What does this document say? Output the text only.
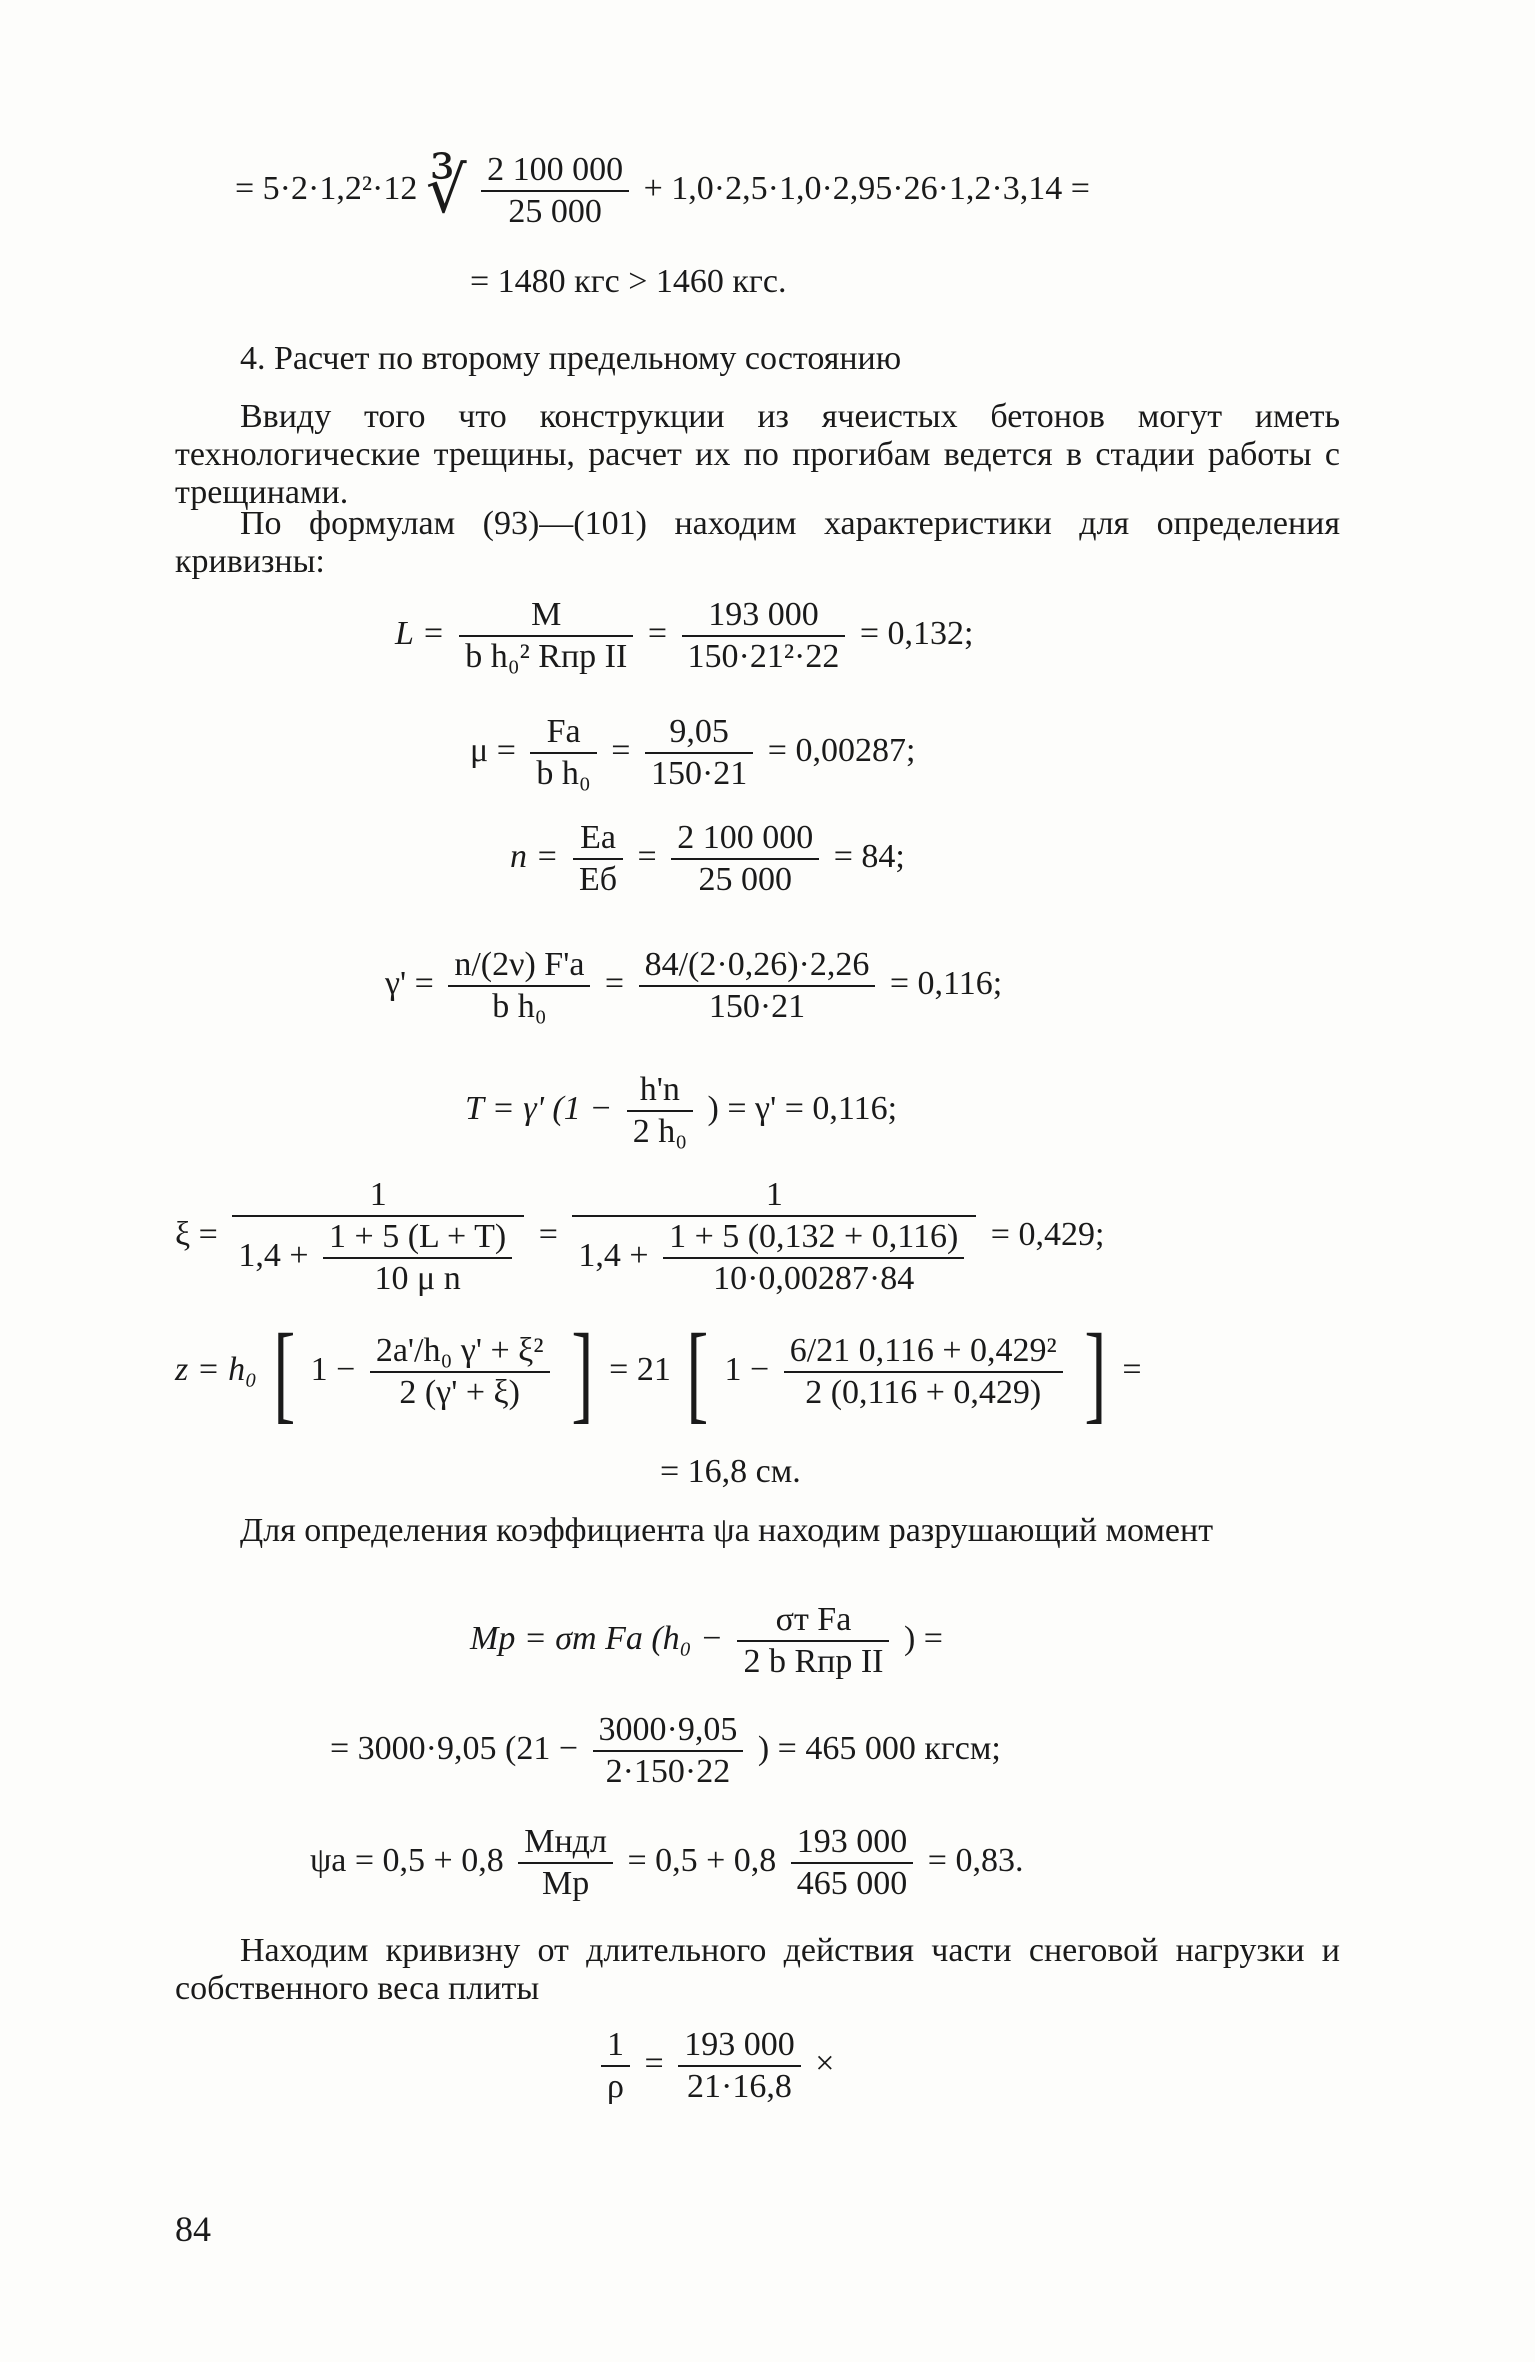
= 5·2·1,2²·12 ∛ $\frac{2 100 000}{25 000} + 1,0\cdot 2,5\cdot 1,0\cdot 2,95\cdot 26\cdot 1,2\cdot 3,14$ =
= 1480 кгс > 1460 кгс.
4. Расчет по второму предельному состоянию
Ввиду того что конструкции из ячеистых бетонов могут иметь технологические трещины, расчет их по прогибам ведется в стадии работы с трещинами.
По формулам (93)—(101) находим характеристики для определения кривизны:
L =
M
b h₀² Rпр II
= $\frac{193 000}{\text{150·21²·22}} = 0,132$;
$\mu = \frac{Fa}{\text{b h₀}} = \frac{9,05}{150\cdot 21} = 0,00287$;
n =
Eа
Eб
= $\frac{2 100 000}{25 000} = 84$;
$\gamma' = \frac{n/(2\nu) F'a}{\text{b h₀}} = \frac{84/(2\cdot 0,26)\cdot 2,26}{150\cdot 21} = 0,116$;
T = γ' ($1 - \frac{h'n}{\text{2 h₀}}$ ) = γ' = 0,116;
$\xi = \frac{1}{1,4 + \frac{1 + 5 (L + T)}{\text{10 μ n}}} = \frac{1}{1,4 + \frac{1 + 5 (0,132 + 0,116)}{10\cdot 0,00287\cdot 84}} = 0,429$;
z = h₀ [ $1 - \frac{\text{2a'/h₀ γ' + ξ²}}{2 (\gamma' + \xi)}$ ] = 21 [ $1 - \frac{\text{6/21 0,116 + 0,429²}}{2 (0,116 + 0,429)}$ ] =
= 16,8 см.
Для определения коэффициента ψа находим разрушающий момент
Mр = σт Fа (h₀ −
σт Fа
2 b Rпр II
) =
= 3000·9,05 ($21 - \frac{3000\cdot 9,05}{2\cdot 150\cdot 22}$ ) = 465 000 кгсм;
ψа = 0,5 + 0,8
Mндл
Mр
= $0,5 + 0,8 \frac{193 000}{465 000} = 0,83$.
Находим кривизну от длительного действия части снеговой нагрузки и собственного веса плиты
$\frac{1}{\rho} = \frac{193 000}{21\cdot 16,8}$ ×
84
